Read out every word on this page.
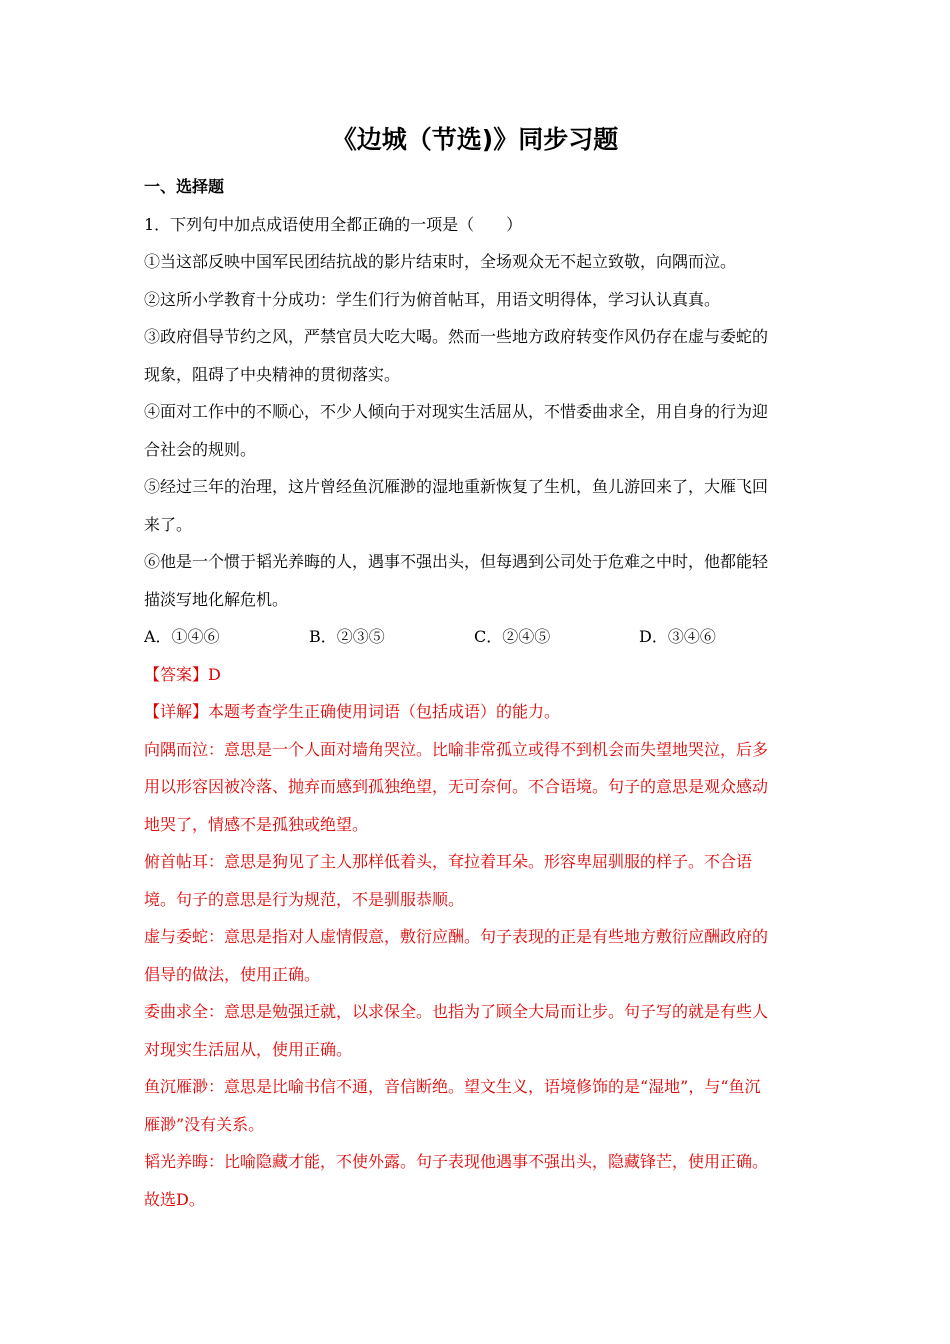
《边城（节选)》同步习题
一、选择题
1．下列句中加点成语使用全都正确的一项是（　　）
①当这部反映中国军民团结抗战的影片结束时，全场观众无不起立致敬，向隅而泣。
②这所小学教育十分成功：学生们行为俯首帖耳，用语文明得体，学习认认真真。
③政府倡导节约之风，严禁官员大吃大喝。然而一些地方政府转变作风仍存在虚与委蛇的
现象，阻碍了中央精神的贯彻落实。
④面对工作中的不顺心，不少人倾向于对现实生活屈从，不惜委曲求全，用自身的行为迎
合社会的规则。
⑤经过三年的治理，这片曾经鱼沉雁渺的湿地重新恢复了生机，鱼儿游回来了，大雁飞回
来了。
⑥他是一个惯于韬光养晦的人，遇事不强出头，但每遇到公司处于危难之中时，他都能轻
描淡写地化解危机。
A．①④⑥	B．②③⑤	C．②④⑤	D．③④⑥
【答案】D
【详解】本题考查学生正确使用词语（包括成语）的能力。
向隅而泣：意思是一个人面对墙角哭泣。比喻非常孤立或得不到机会而失望地哭泣，后多
用以形容因被冷落、抛弃而感到孤独绝望，无可奈何。不合语境。句子的意思是观众感动
地哭了，情感不是孤独或绝望。
俯首帖耳：意思是狗见了主人那样低着头，耷拉着耳朵。形容卑屈驯服的样子。不合语
境。句子的意思是行为规范，不是驯服恭顺。
虚与委蛇：意思是指对人虚情假意，敷衍应酬。句子表现的正是有些地方敷衍应酬政府的
倡导的做法，使用正确。
委曲求全：意思是勉强迁就，以求保全。也指为了顾全大局而让步。句子写的就是有些人
对现实生活屈从，使用正确。
鱼沉雁渺：意思是比喻书信不通，音信断绝。望文生义，语境修饰的是“湿地”，与“鱼沉
雁渺”没有关系。
韬光养晦：比喻隐藏才能，不使外露。句子表现他遇事不强出头，隐藏锋芒，使用正确。
故选D。
